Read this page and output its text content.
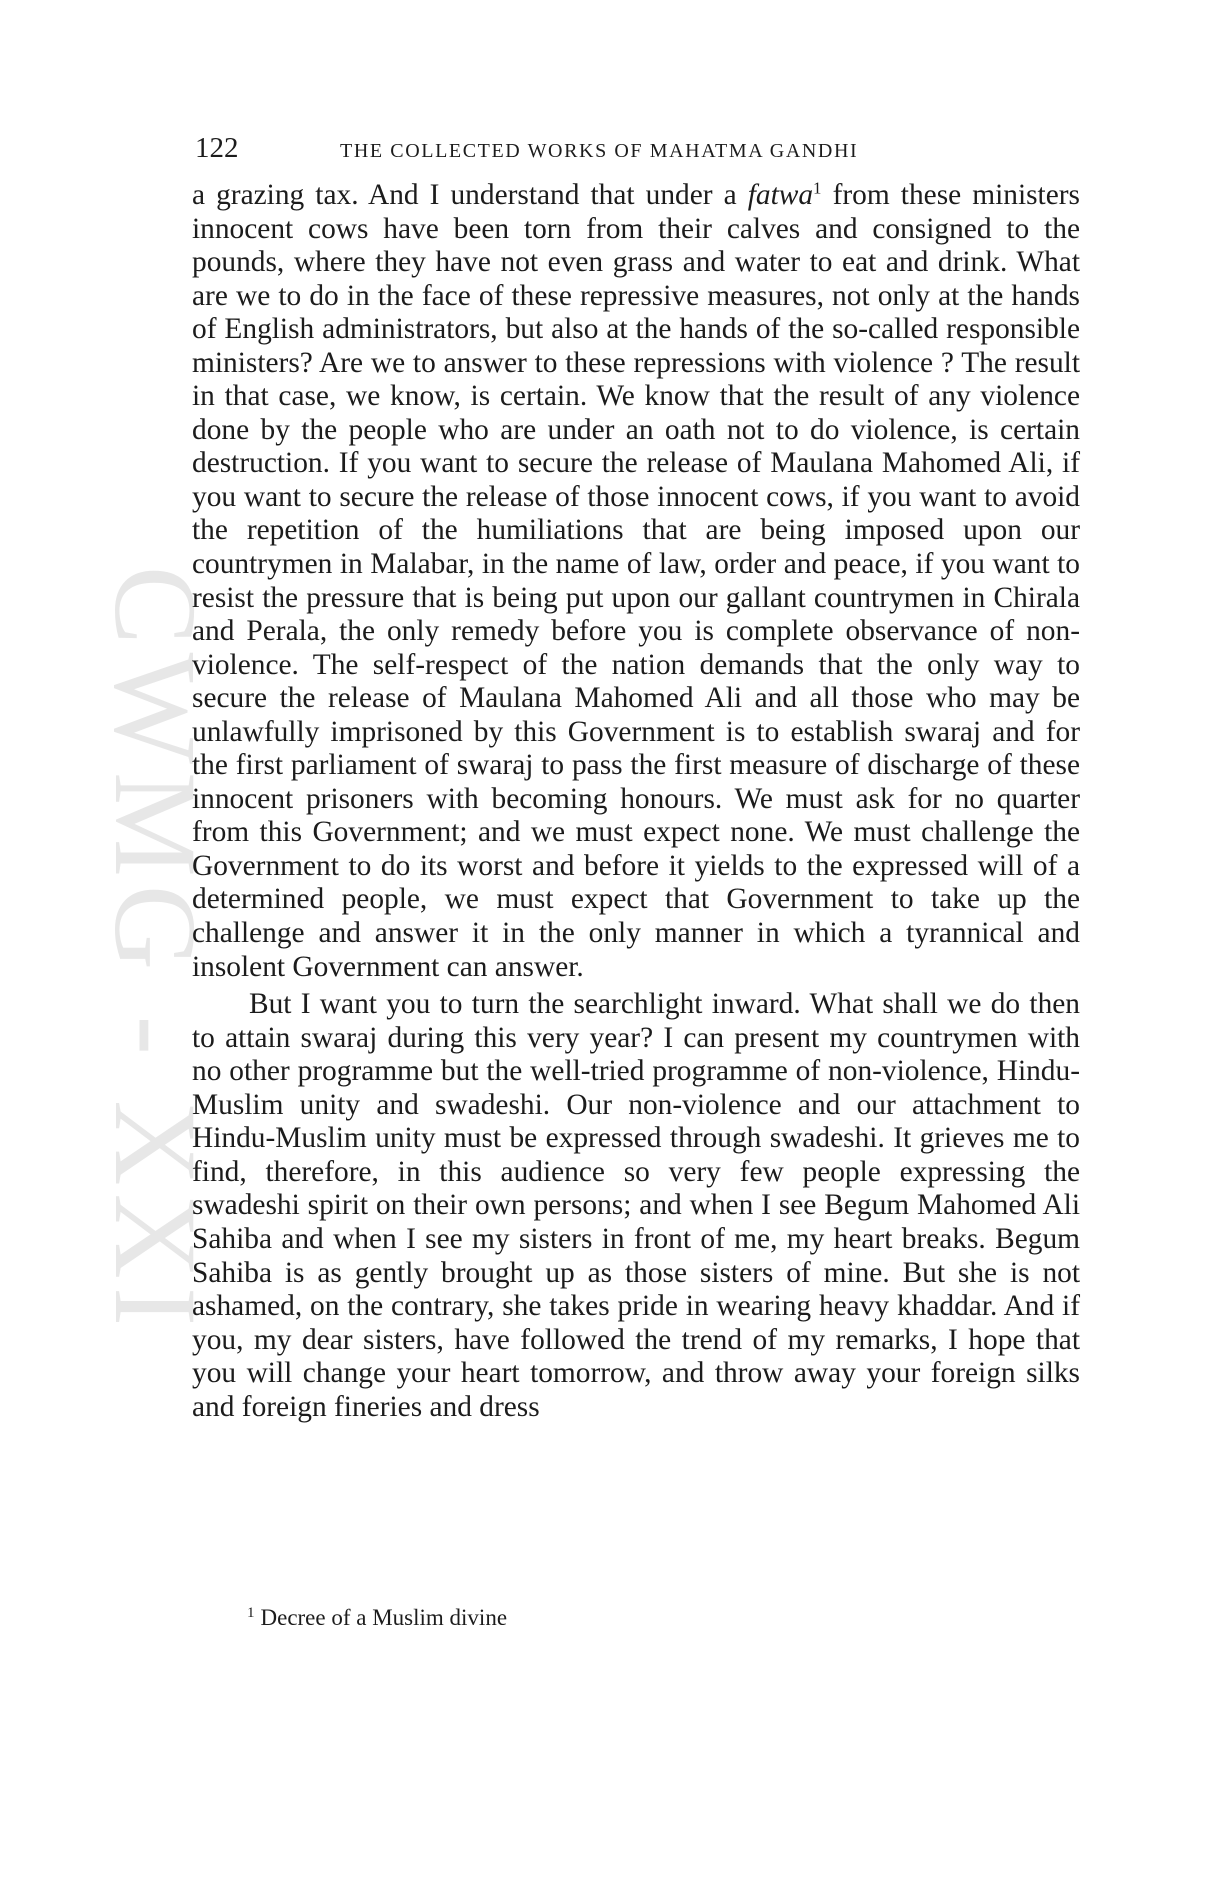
CWMG - XXI
122	THE COLLECTED WORKS OF MAHATMA GANDHI

a grazing tax. And I understand that under a fatwa$^1$ from these ministers innocent cows have been torn from their calves and consigned to the pounds, where they have not even grass and water to eat and drink. What are we to do in the face of these repressive measures, not only at the hands of English administrators, but also at the hands of the so-called responsible ministers? Are we to answer to these repressions with violence ? The result in that case, we know, is certain. We know that the result of any violence done by the people who are under an oath not to do violence, is certain destruction. If you want to secure the release of Maulana Mahomed Ali, if you want to secure the release of those innocent cows, if you want to avoid the repetition of the humiliations that are being imposed upon our countrymen in Malabar, in the name of law, order and peace, if you want to resist the pressure that is being put upon our gallant countrymen in Chirala and Perala, the only remedy before you is complete observance of non-violence. The self-respect of the nation demands that the only way to secure the release of Maulana Mahomed Ali and all those who may be unlawfully imprisoned by this Government is to establish swaraj and for the first parliament of swaraj to pass the first measure of discharge of these innocent prisoners with becoming honours. We must ask for no quarter from this Government; and we must expect none. We must challenge the Government to do its worst and before it yields to the expressed will of a determined people, we must expect that Government to take up the challenge and answer it in the only manner in which a tyrannical and insolent Government can answer.

But I want you to turn the searchlight inward. What shall we do then to attain swaraj during this very year? I can present my countrymen with no other programme but the well-tried programme of non-violence, Hindu-Muslim unity and swadeshi. Our non-violence and our attachment to Hindu-Muslim unity must be expressed through swadeshi. It grieves me to find, therefore, in this audience so very few people expressing the swadeshi spirit on their own persons; and when I see Begum Mahomed Ali Sahiba and when I see my sisters in front of me, my heart breaks. Begum Sahiba is as gently brought up as those sisters of mine. But she is not ashamed, on the contrary, she takes pride in wearing heavy khaddar. And if you, my dear sisters, have followed the trend of my remarks, I hope that you will change your heart tomorrow, and throw away your foreign silks and foreign fineries and dress

$^1$ Decree of a Muslim divine
